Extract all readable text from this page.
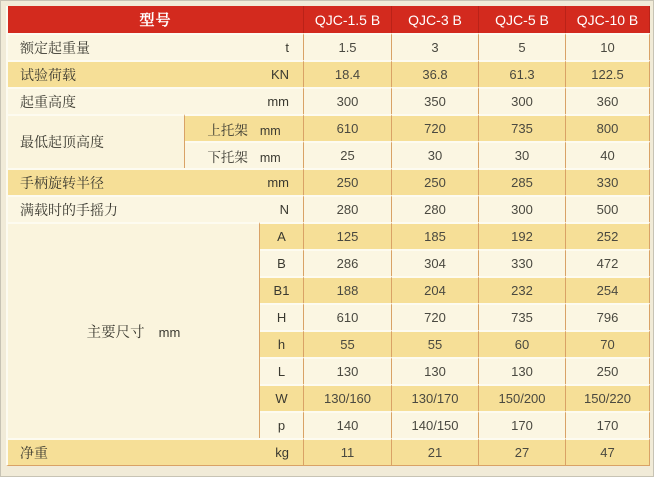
型号			QJC-1.5 B	QJC-3 B	QJC-5 B	QJC-10 B

额定起重量 t			1.5	3	5	10

试验荷载 KN			18.4	36.8	61.3	122.5

起重高度 mm			300	350	300	360

最低起顶高度	上托架 mm		610	720	735	800
	下托架 mm		25	30	30	40

手柄旋转半径 mm			250	250	285	330

满载时的手摇力 N			280	280	300	500
主要尺寸 mm		A	125	185	192	252
		B	286	304	330	472
		B1	188	204	232	254
		H	610	720	735	796
		h	55	55	60	70
		L	130	130	130	250
		W	130/160	130/170	150/200	150/220
		p	140	140/150	170	170

净重 kg			11	21	27	47
